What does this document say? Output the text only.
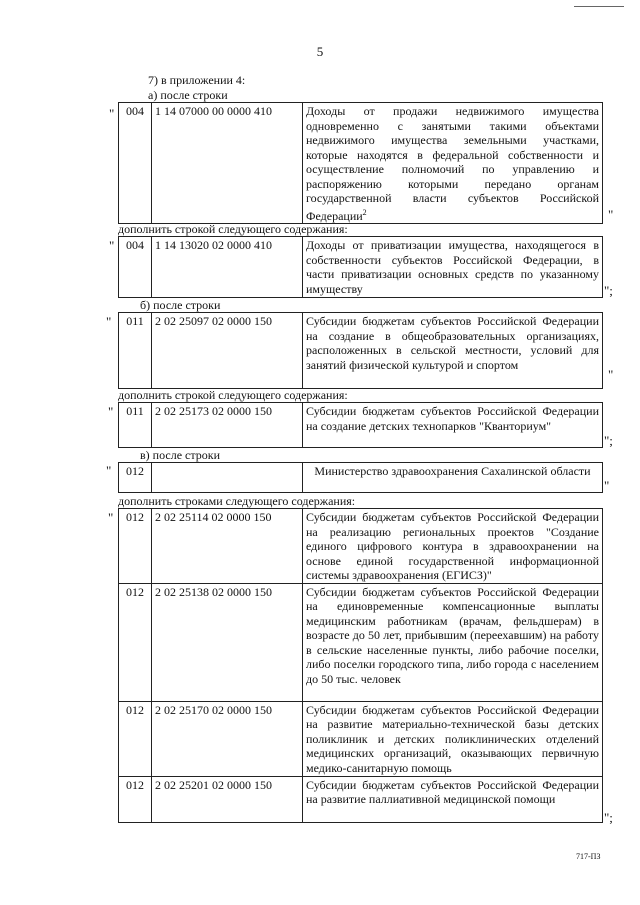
5
7) в приложении 4:
а) после строки
" 004	1 14 07000 00 0000 410	Доходы от продажи недвижимого имущества одновременно с занятыми такими объектами недвижимого имущества земельными участками, которые находятся в федеральной собственности и осуществление полномочий по управлению и распоряжению которыми передано органам государственной власти субъектов Российской Федерации$^2$	"
дополнить строкой следующего содержания:
" 004	1 14 13020 02 0000 410	Доходы от приватизации имущества, находящегося в собственности субъектов Российской Федерации, в части приватизации основных средств по указанному имуществу	";
б) после строки
" 011	2 02 25097 02 0000 150	Субсидии бюджетам субъектов Российской Федерации на создание в общеобразовательных организациях, расположенных в сельской местности, условий для занятий физической культурой и спортом
"
дополнить строкой следующего содержания:
" 011	2 02 25173 02 0000 150	Субсидии бюджетам субъектов Российской Федерации на создание детских технопарков "Кванториум"
";
в) после строки
" 012		Министерство здравоохранения Сахалинской области
"
дополнить строками следующего содержания:
" 012	2 02 25114 02 0000 150	Субсидии бюджетам субъектов Российской Федерации на реализацию региональных проектов "Создание единого цифрового контура в здравоохранении на основе единой государственной информационной системы здравоохранения (ЕГИСЗ)"
012	2 02 25138 02 0000 150	Субсидии бюджетам субъектов Российской Федерации на единовременные компенсационные выплаты медицинским работникам (врачам, фельдшерам) в возрасте до 50 лет, прибывшим (переехавшим) на работу в сельские населенные пункты, либо рабочие поселки, либо поселки городского типа, либо города с населением до 50 тыс. человек
012	2 02 25170 02 0000 150	Субсидии бюджетам субъектов Российской Федерации на развитие материально-технической базы детских поликлиник и детских поликлинических отделений медицинских организаций, оказывающих первичную медико-санитарную помощь
012	2 02 25201 02 0000 150	Субсидии бюджетам субъектов Российской Федерации на развитие паллиативной медицинской помощи
";
717-ПЗ
